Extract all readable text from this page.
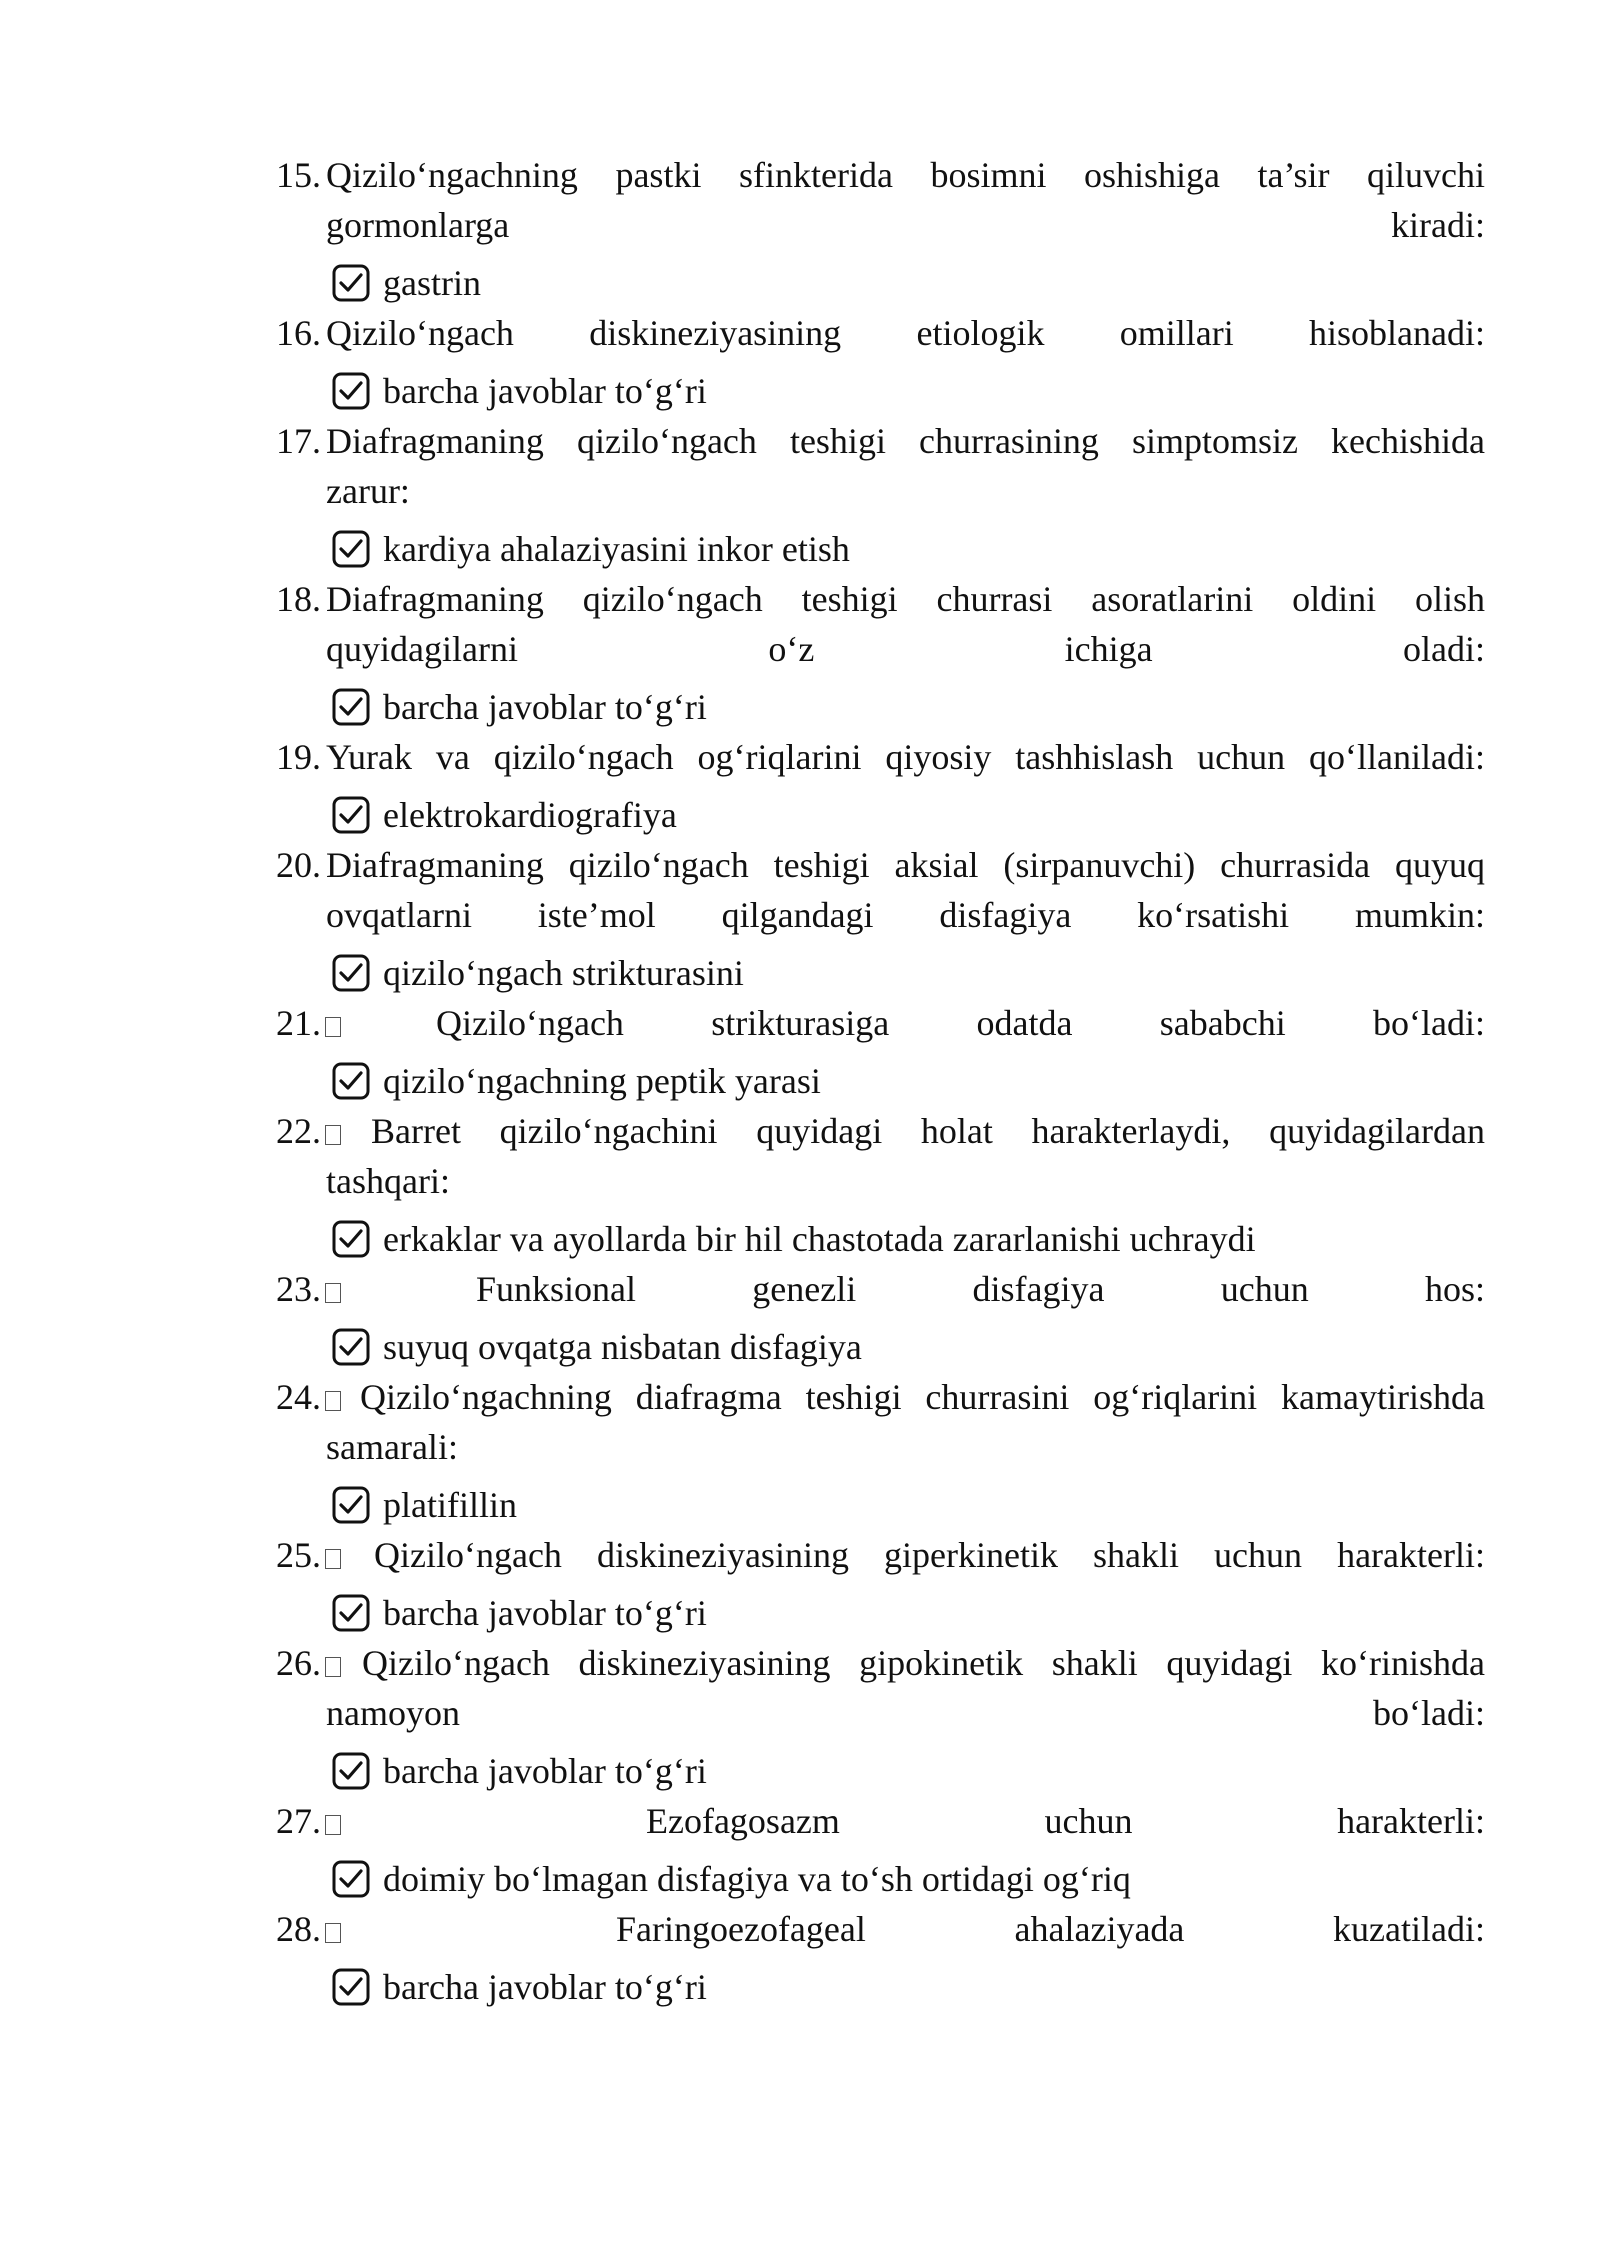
15. Qizilo‘ngachning pastki sfinkterida bosimni oshishiga ta’sir qiluvchi
gormonlarga kiradi:
gastrin
16. Qizilo‘ngach diskineziyasining etiologik omillari hisoblanadi:
barcha javoblar to‘g‘ri
17. Diafragmaning qizilo‘ngach teshigi churrasining simptomsiz kechishida
zarur:
kardiya ahalaziyasini inkor etish
18. Diafragmaning qizilo‘ngach teshigi churrasi asoratlarini oldini olish
quyidagilarni o‘z ichiga oladi:
barcha javoblar to‘g‘ri
19. Yurak va qizilo‘ngach og‘riqlarini qiyosiy tashhislash uchun qo‘llaniladi:
elektrokardiografiya
20. Diafragmaning qizilo‘ngach teshigi aksial (sirpanuvchi) churrasida quyuq
ovqatlarni iste’mol qilgandagi disfagiya ko‘rsatishi mumkin:
qizilo‘ngach strikturasini
21.	Qizilo‘ngach strikturasiga odatda sababchi bo‘ladi:
qizilo‘ngachning peptik yarasi
22.	Barret qizilo‘ngachini quyidagi holat harakterlaydi, quyidagilardan
tashqari:
erkaklar va ayollarda bir hil chastotada zararlanishi uchraydi
23.	Funksional genezli disfagiya uchun hos:
suyuq ovqatga nisbatan disfagiya
24.	Qizilo‘ngachning diafragma teshigi churrasini og‘riqlarini kamaytirishda
samarali:
platifillin
25.	Qizilo‘ngach diskineziyasining giperkinetik shakli uchun harakterli:
barcha javoblar to‘g‘ri
26.	Qizilo‘ngach diskineziyasining gipokinetik shakli quyidagi ko‘rinishda
namoyon bo‘ladi:
barcha javoblar to‘g‘ri
27.	Ezofagosazm uchun harakterli:
doimiy bo‘lmagan disfagiya va to‘sh ortidagi og‘riq
28.	Faringoezofageal ahalaziyada kuzatiladi:
barcha javoblar to‘g‘ri
